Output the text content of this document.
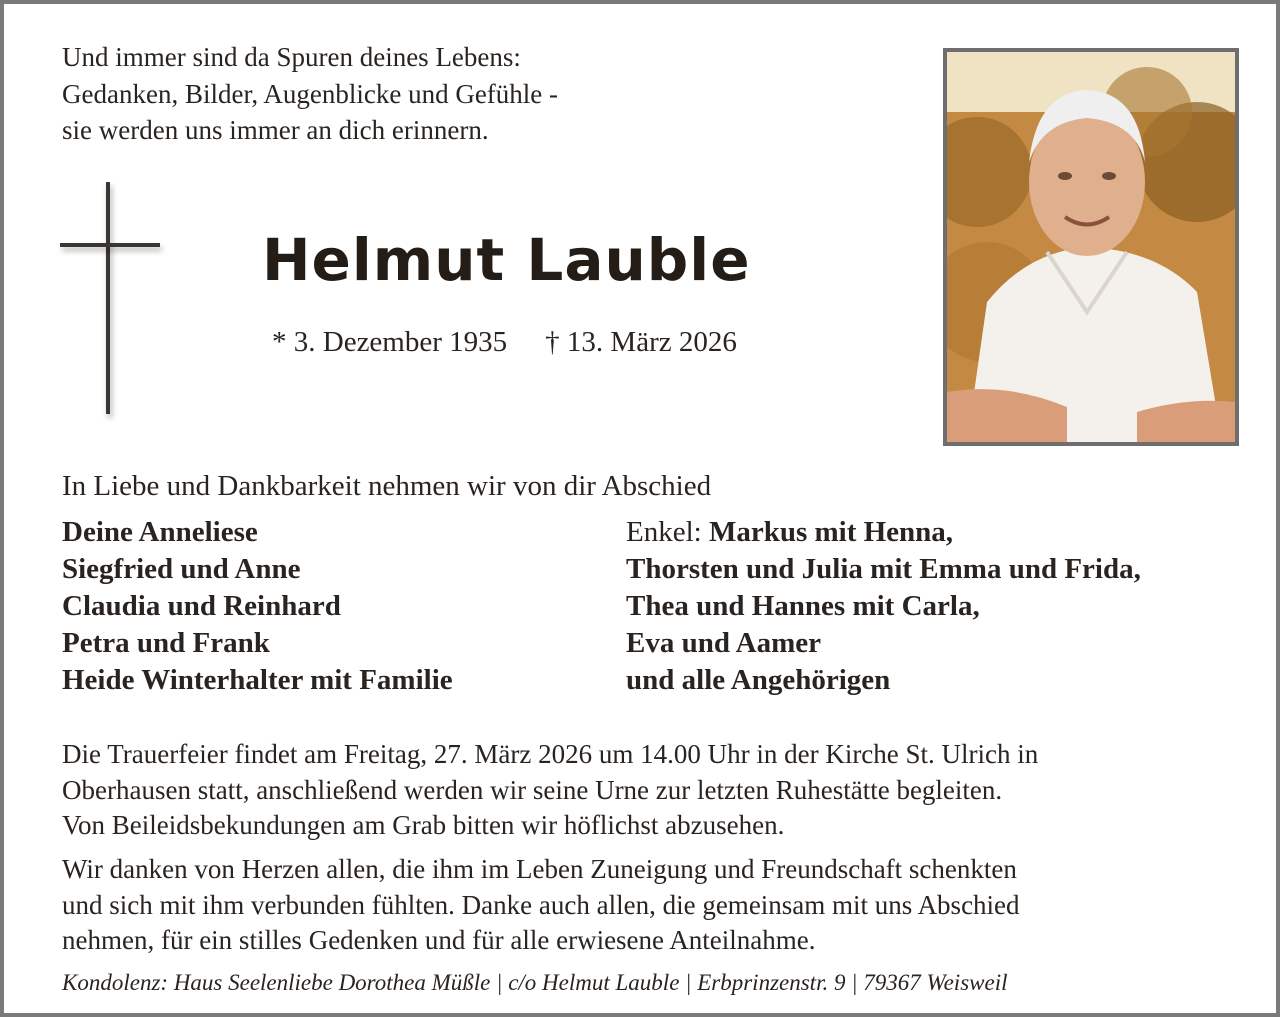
Und immer sind da Spuren deines Lebens:
Gedanken, Bilder, Augenblicke und Gefühle -
sie werden uns immer an dich erinnern.
Helmut Lauble
* 3. Dezember 1935 † 13. März 2026
In Liebe und Dankbarkeit nehmen wir von dir Abschied
Deine Anneliese
Siegfried und Anne
Claudia und Reinhard
Petra und Frank
Heide Winterhalter mit Familie
Enkel: Markus mit Henna,
Thorsten und Julia mit Emma und Frida,
Thea und Hannes mit Carla,
Eva und Aamer
und alle Angehörigen
Die Trauerfeier findet am Freitag, 27. März 2026 um 14.00 Uhr in der Kirche St. Ulrich in
Oberhausen statt, anschließend werden wir seine Urne zur letzten Ruhestätte begleiten.
Von Beileidsbekundungen am Grab bitten wir höflichst abzusehen.
Wir danken von Herzen allen, die ihm im Leben Zuneigung und Freundschaft schenkten
und sich mit ihm verbunden fühlten. Danke auch allen, die gemeinsam mit uns Abschied
nehmen, für ein stilles Gedenken und für alle erwiesene Anteilnahme.
Kondolenz: Haus Seelenliebe Dorothea Müßle | c/o Helmut Lauble | Erbprinzenstr. 9 | 79367 Weisweil
